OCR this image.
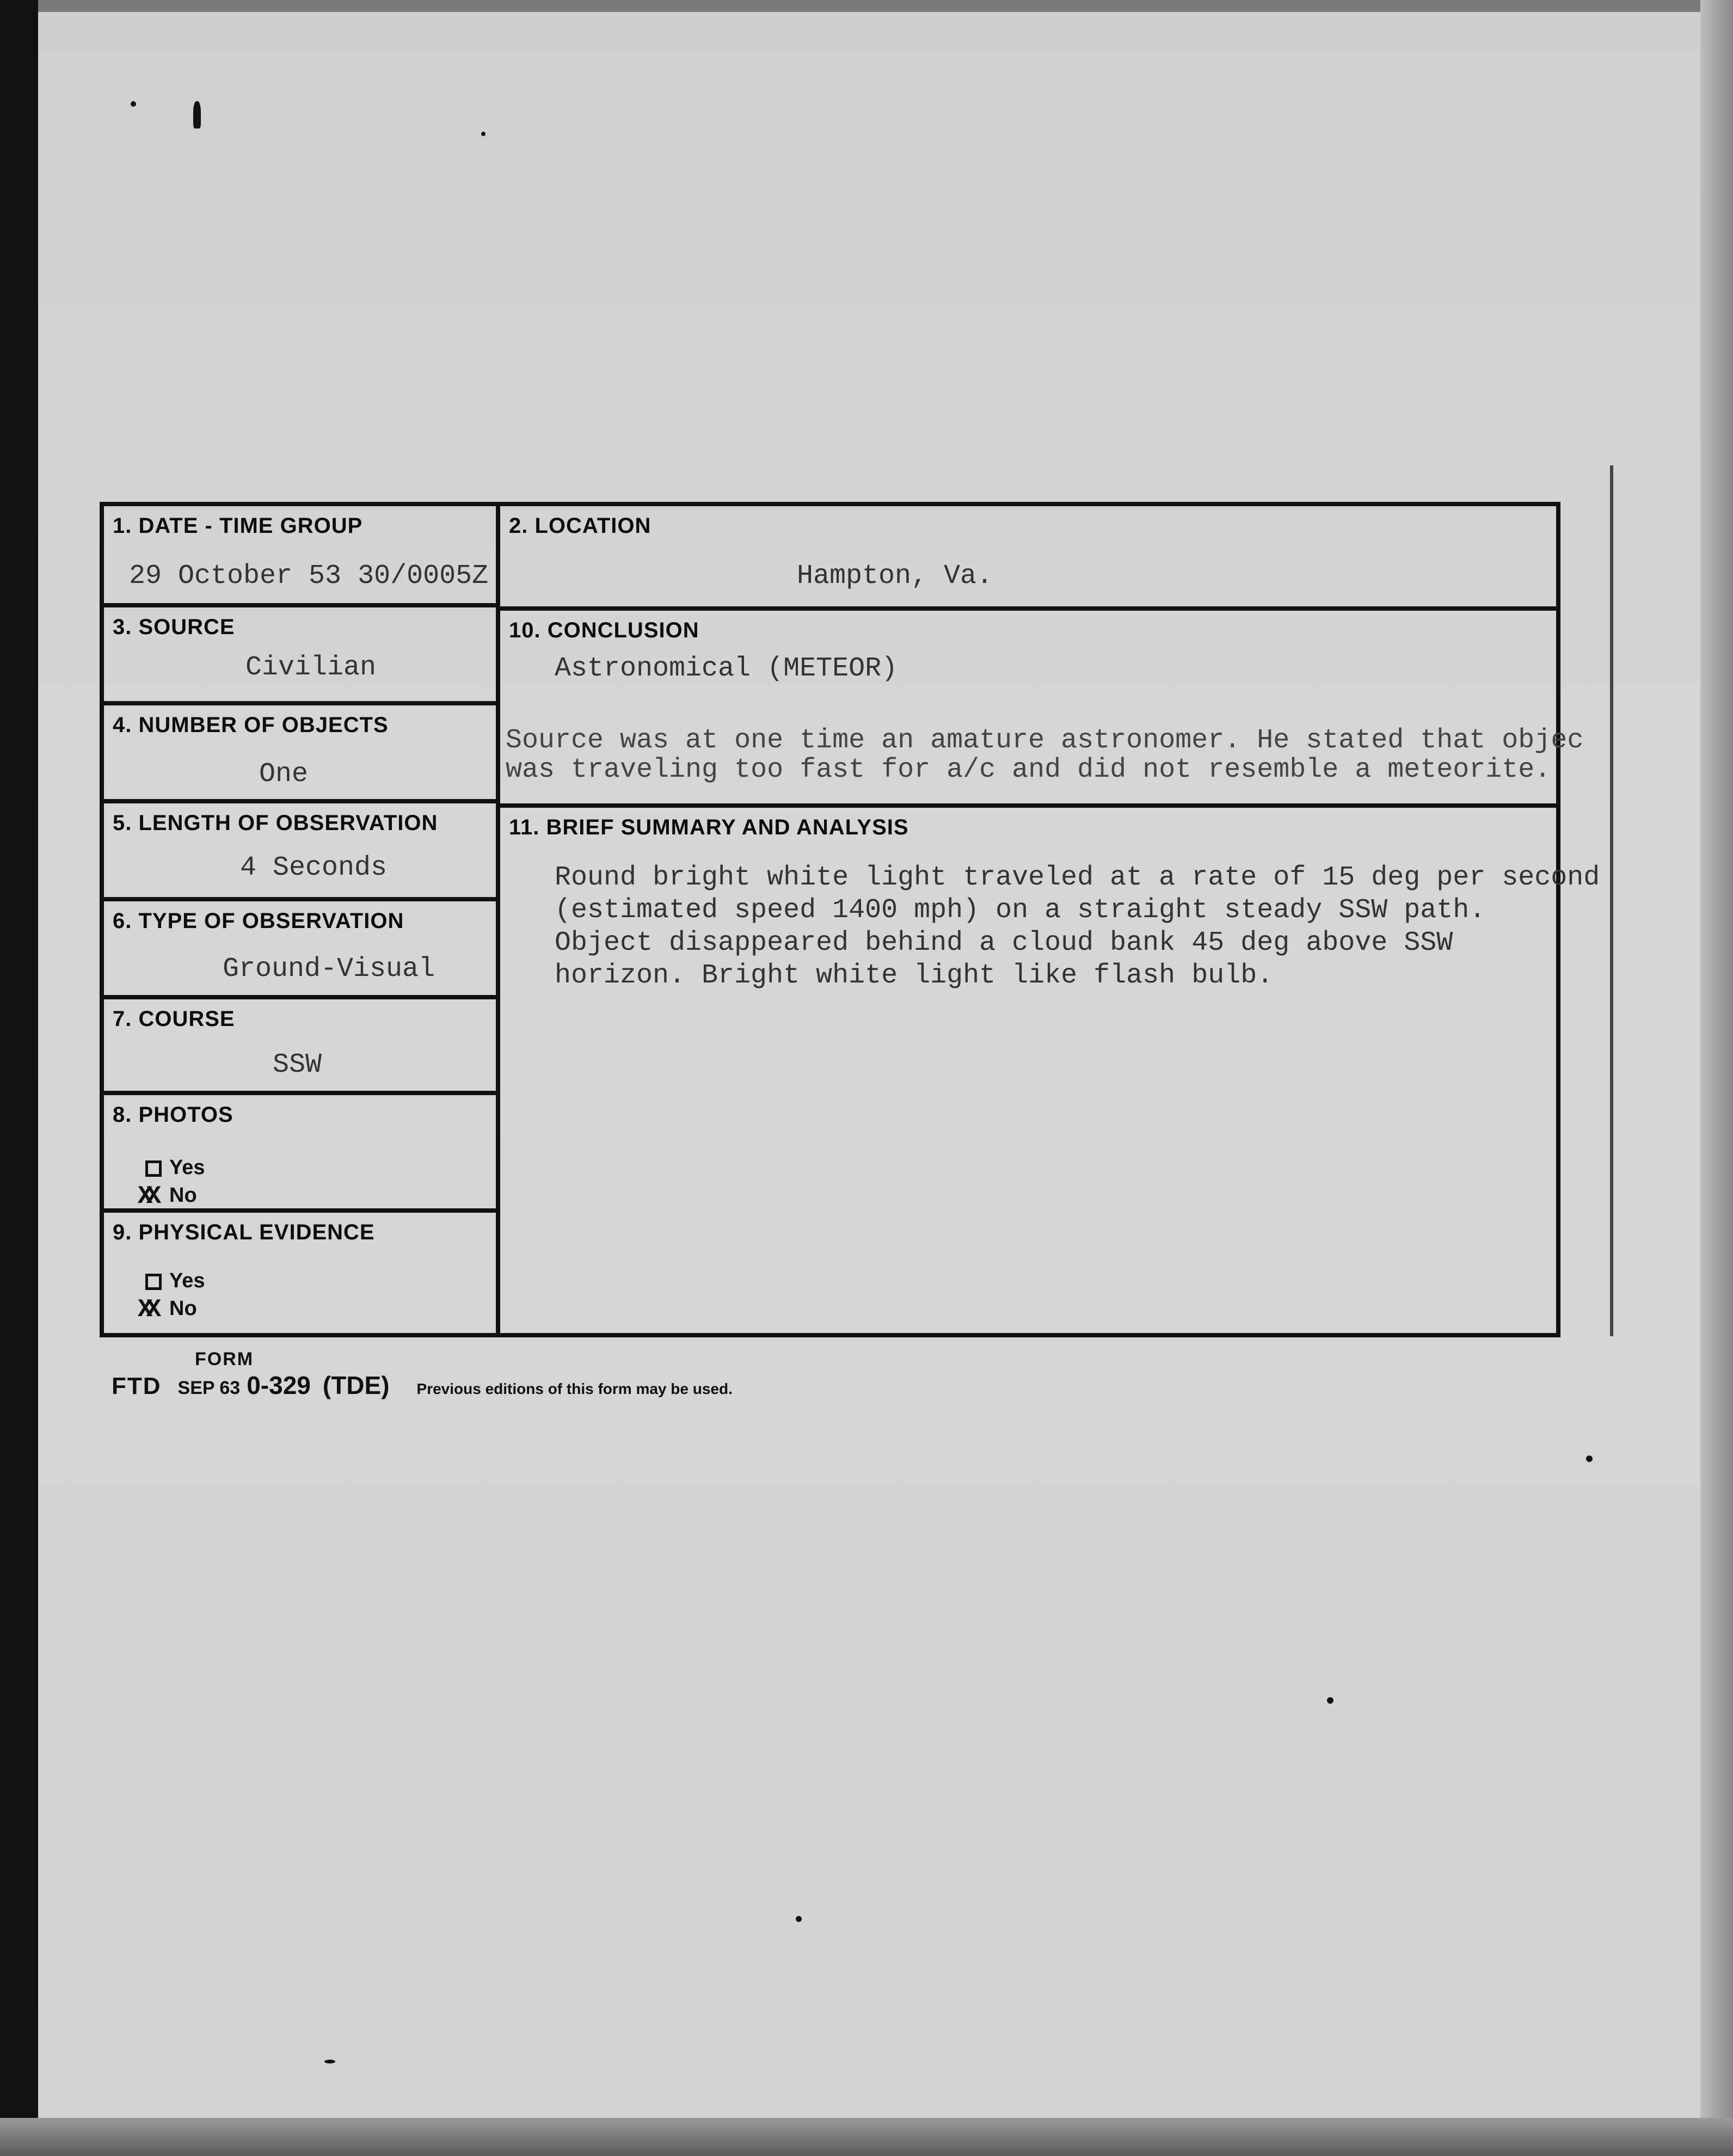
1. DATE - TIME GROUP
29 October 53 30/0005Z
3. SOURCE
Civilian
4. NUMBER OF OBJECTS
One
5. LENGTH OF OBSERVATION
4 Seconds
6. TYPE OF OBSERVATION
Ground-Visual
7. COURSE
SSW
8. PHOTOS
Yes
XX No
9. PHYSICAL EVIDENCE
Yes
XX No
2. LOCATION
Hampton, Va.
10. CONCLUSION
Astronomical (METEOR)
Source was at one time an amature astronomer. He stated that objec
was traveling too fast for a/c and did not resemble a meteorite.
11. BRIEF SUMMARY AND ANALYSIS
Round bright white light traveled at a rate of 15 deg per second
(estimated speed 1400 mph) on a straight steady SSW path.
Object disappeared behind a cloud bank 45 deg above SSW
horizon. Bright white light like flash bulb.
FORM
FTD SEP 63 0-329 (TDE) Previous editions of this form may be used.
